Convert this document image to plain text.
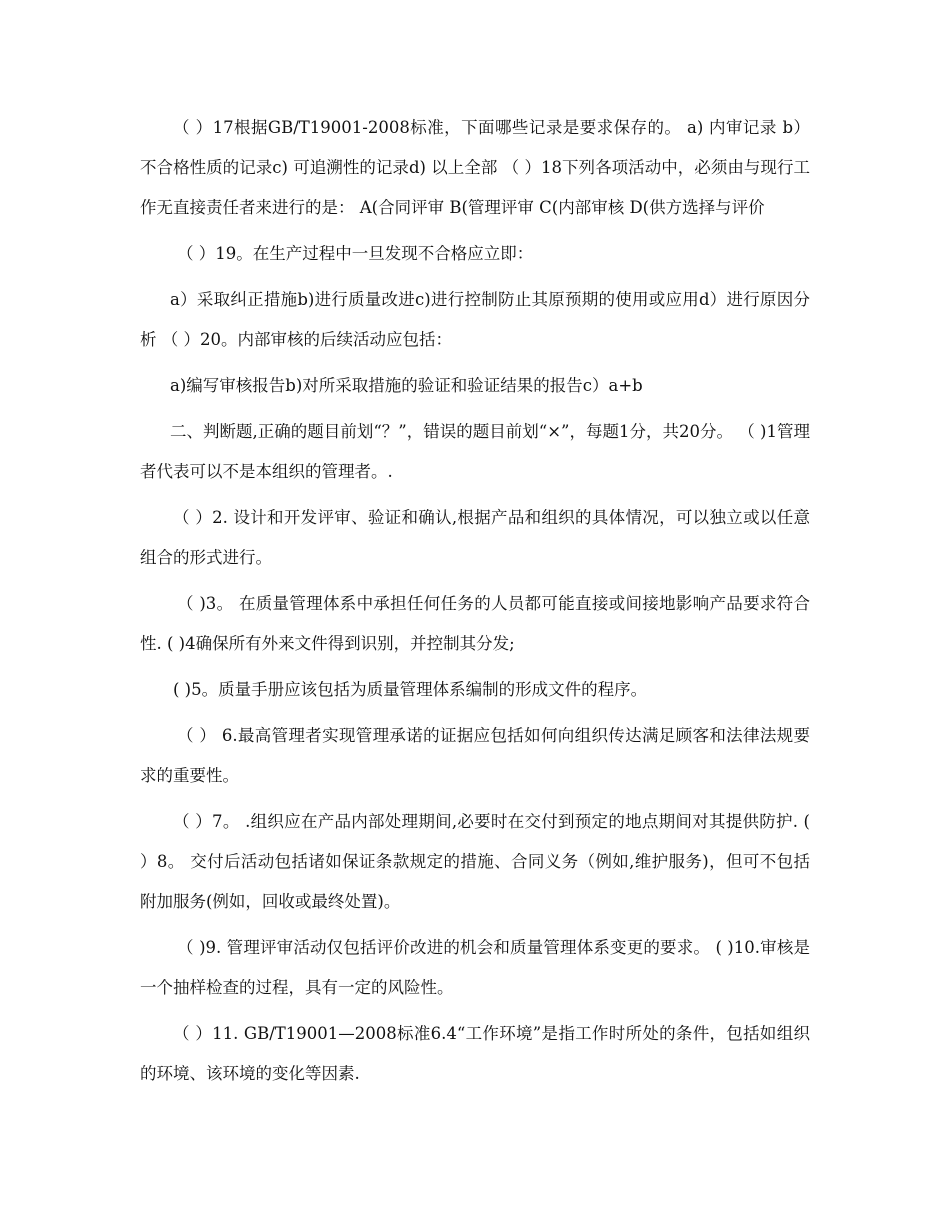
（ ）17根据GB/T19001-2008标准，下面哪些记录是要求保存的。 a) 内审记录 b） 不合格性质的记录c) 可追溯性的记录d) 以上全部 （ ）18下列各项活动中，必须由与现行工作无直接责任者来进行的是： A(合同评审 B(管理评审 C(内部审核 D(供方选择与评价

（ ）19。在生产过程中一旦发现不合格应立即：

a）采取纠正措施b)进行质量改进c)进行控制防止其原预期的使用或应用d）进行原因分析 （ ）20。内部审核的后续活动应包括：

a)编写审核报告b)对所采取措施的验证和验证结果的报告c）a+b

二、判断题,正确的题目前划“？”，错误的题目前划“×”，每题1分，共20分。 （ )1管理者代表可以不是本组织的管理者。.

（ ）2. 设计和开发评审、验证和确认,根据产品和组织的具体情况，可以独立或以任意组合的形式进行。

（ )3。 在质量管理体系中承担任何任务的人员都可能直接或间接地影响产品要求符合性. ( )4确保所有外来文件得到识别，并控制其分发;

( )5。质量手册应该包括为质量管理体系编制的形成文件的程序。

（ ） 6.最高管理者实现管理承诺的证据应包括如何向组织传达满足顾客和法律法规要求的重要性。

（ ）7。 .组织应在产品内部处理期间,必要时在交付到预定的地点期间对其提供防护. ( ）8。 交付后活动包括诸如保证条款规定的措施、合同义务（例如,维护服务)，但可不包括附加服务(例如，回收或最终处置)。

（ )9. 管理评审活动仅包括评价改进的机会和质量管理体系变更的要求。 ( )10.审核是一个抽样检查的过程，具有一定的风险性。

（ ）11. GB/T19001—2008标准6.4“工作环境”是指工作时所处的条件，包括如组织的环境、该环境的变化等因素.
